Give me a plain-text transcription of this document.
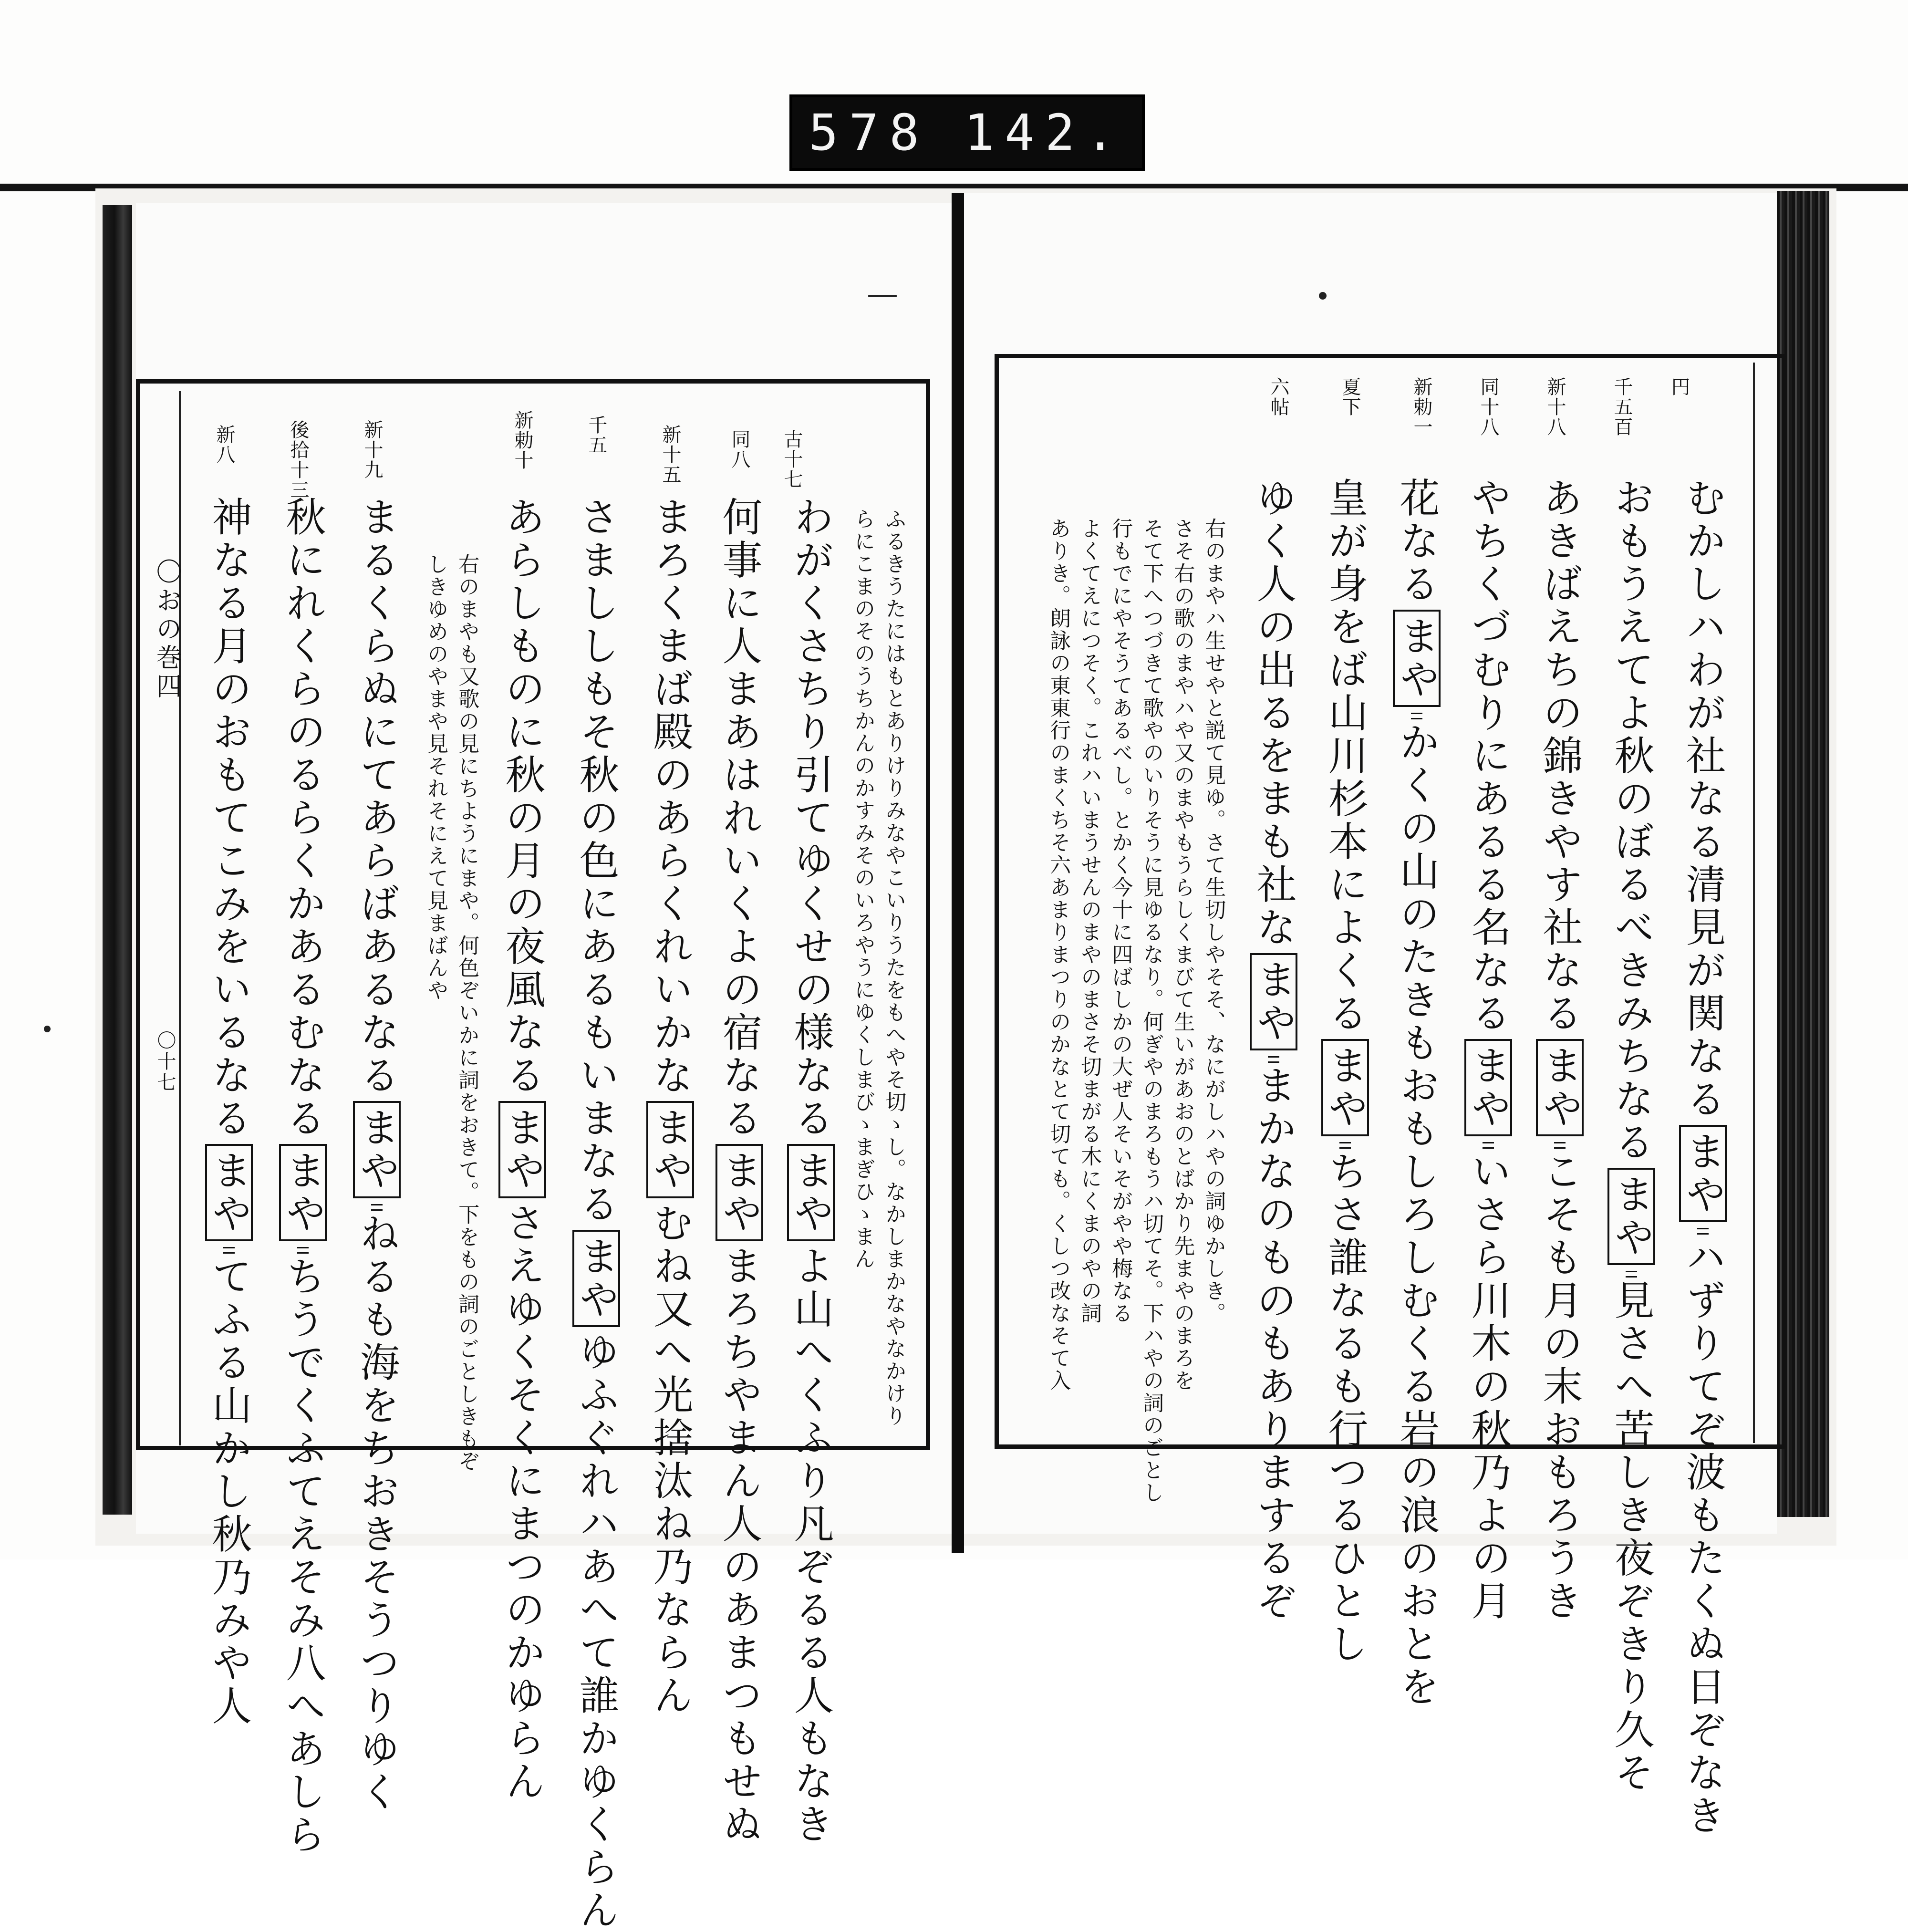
578 142.
円
むかしハわが社なる清見が関なるまやハずりてぞ波もたくぬ日ぞなき
千五百
おもうえてよ秋のぼるべきみちなるまや見さへ苦しき夜ぞきり久そ
新十八
あきばえちの錦きやす社なるまやこそも月の末おもろうき
同十八
やちくづむりにあるる名なるまやいさら川木の秋乃よの月
新勅一
花なるまやかくの山のたきもおもしろしむくる岩の浪のおとを
夏下
皇が身をば山川杉本によくるまやちさ誰なるも行つるひとし
六帖
ゆく人の出るをまも社なまやまかなのものもありまするぞ
右のまやハ生せやと説て見ゆ。さて生切しやそそ、なにがしハやの詞ゆかしき。
さそ右の歌のまやハや又のまやもうらしくまびて生いがあおのとばかり先まやのまろを
そて下へつづきて歌やのいりそうに見ゆるなり。何ぎやのまろもうハ切てそ。下ハやの詞のごとし
行もでにやそうてあるべし。とかく今十に四ばしかの大ぜ人そいそがやや梅なる
よくてえにつそく。これハいまうせんのまやのまさそ切まがる木にくまのやの詞
ありき。朗詠の東東行のまくちそ六あまりまつりのかなとて切ても。くしつ改なそて入
ふるきうたにはもとありけりみなやこいりうたをもへやそ切ゝし。なかしまかなやなかけり
らにこまのそのうちかんのかすみそのいろやうにゆくしまびゝまぎひゝまん
古十七
わがくさちり引てゆくせの様なるまやよ山へくふり凡ぞるる人もなき
同八
何事に人まあはれいくよの宿なるまやまろちやまん人のあまつもせぬ
新十五
まろくまば殿のあらくれいかなまやむね又へ光捨汰ね乃ならん
千五
さまししもそ秋の色にあるもいまなるまやゆふぐれハあへて誰かゆくらん
新勅十
あらしものに秋の月の夜風なるまやさえゆくそくにまつのかゆらん
右のまやも又歌の見にちようにまや。何色ぞいかに詞をおきて。下をもの詞のごとしきもぞ
しきゆめのやまや見それそにえて見まばんや
新十九
まるくらぬにてあらばあるなるまやねるも海をちおきそうつりゆく
後拾十三
秋にれくらのるらくかあるむなるまやちうでくふてえそみ八へあしら
新八
神なる月のおもてこみをいるなるまやてふる山かし秋乃みや人
〇おの巻四
〇十七
